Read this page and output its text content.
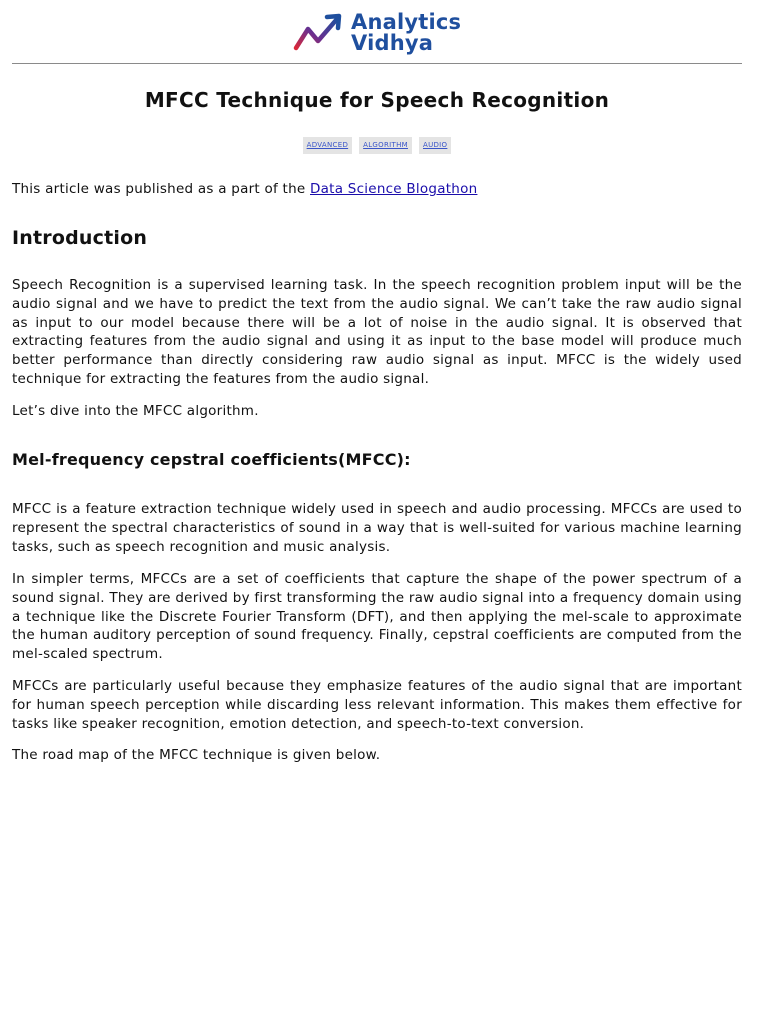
Analytics
Vidhya
MFCC Technique for Speech Recognition
ADVANCED	ALGORITHM	AUDIO

This article was published as a part of the Data Science Blogathon

Introduction

Speech Recognition is a supervised learning task. In the speech recognition problem input will be the audio signal and we have to predict the text from the audio signal. We can’t take the raw audio signal as input to our model because there will be a lot of noise in the audio signal. It is observed that extracting features from the audio signal and using it as input to the base model will produce much better performance than directly considering raw audio signal as input. MFCC is the widely used technique for extracting the features from the audio signal.

Let’s dive into the MFCC algorithm.

Mel-frequency cepstral coefficients(MFCC):

MFCC is a feature extraction technique widely used in speech and audio processing. MFCCs are used to represent the spectral characteristics of sound in a way that is well-suited for various machine learning tasks, such as speech recognition and music analysis.

In simpler terms, MFCCs are a set of coefficients that capture the shape of the power spectrum of a sound signal. They are derived by first transforming the raw audio signal into a frequency domain using a technique like the Discrete Fourier Transform (DFT), and then applying the mel-scale to approximate the human auditory perception of sound frequency. Finally, cepstral coefficients are computed from the mel-scaled spectrum.

MFCCs are particularly useful because they emphasize features of the audio signal that are important for human speech perception while discarding less relevant information. This makes them effective for tasks like speaker recognition, emotion detection, and speech-to-text conversion.

The road map of the MFCC technique is given below.
